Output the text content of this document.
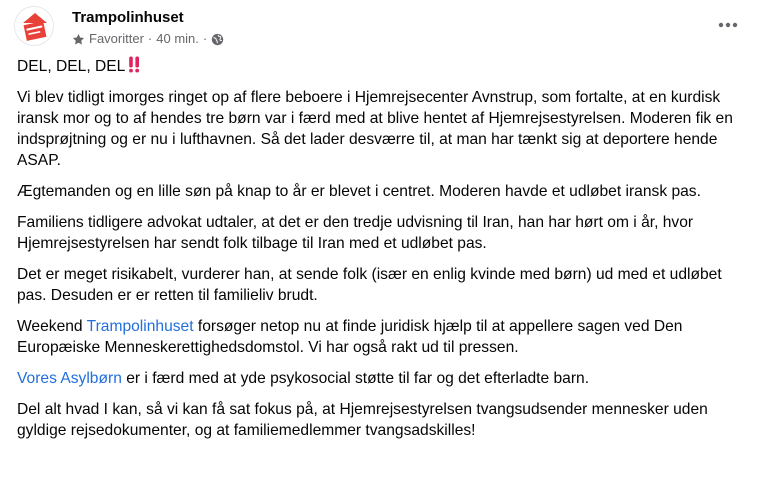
Trampolinhuset
Favoritter · 40 min. ·

DEL, DEL, DEL

Vi blev tidligt imorges ringet op af flere beboere i Hjemrejsecenter Avnstrup, som fortalte, at en kurdisk iransk mor og to af hendes tre børn var i færd med at blive hentet af Hjemrejsestyrelsen. Moderen fik en indsprøjtning og er nu i lufthavnen. Så det lader desværre til, at man har tænkt sig at deportere hende ASAP.

Ægtemanden og en lille søn på knap to år er blevet i centret. Moderen havde et udløbet iransk pas.

Familiens tidligere advokat udtaler, at det er den tredje udvisning til Iran, han har hørt om i år, hvor Hjemrejsestyrelsen har sendt folk tilbage til Iran med et udløbet pas.

Det er meget risikabelt, vurderer han, at sende folk (især en enlig kvinde med børn) ud med et udløbet pas. Desuden er er retten til familieliv brudt.

Weekend Trampolinhuset forsøger netop nu at finde juridisk hjælp til at appellere sagen ved Den Europæiske Menneskerettighedsdomstol. Vi har også rakt ud til pressen.

Vores Asylbørn er i færd med at yde psykosocial støtte til far og det efterladte barn.

Del alt hvad I kan, så vi kan få sat fokus på, at Hjemrejsestyrelsen tvangsudsender mennesker uden gyldige rejsedokumenter, og at familiemedlemmer tvangsadskilles!
